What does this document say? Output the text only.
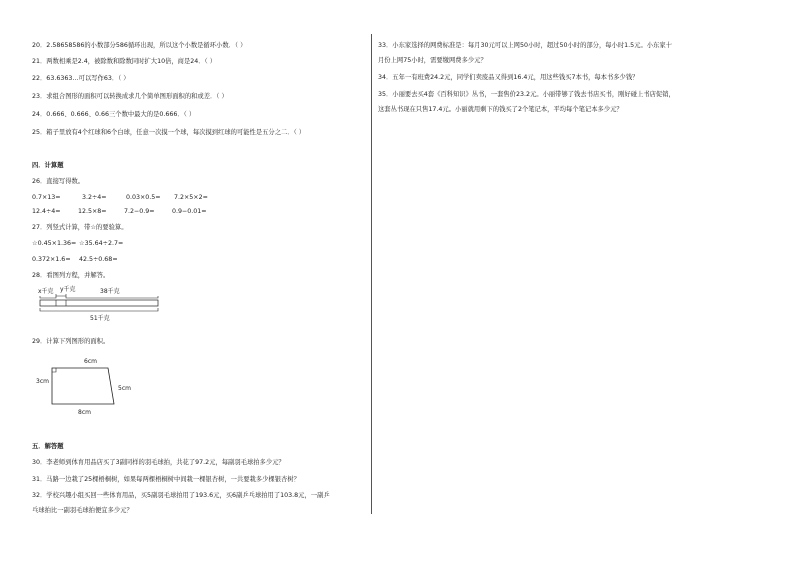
20．2.58658586的小数部分586循环出现，所以这个小数是循环小数．（ ）
21．两数相乘是2.4，被除数和除数同时扩大10倍，商是24．（ ）
22．63.6363…可以写作63．（ ）
23．求组合图形的面积可以转换成求几个简单图形面积的和或差．（ ）
24．0.666、0.666、0.66三个数中最大的是0.666．（ ）
25．箱子里放有4个红球和6个白球，任意一次摸一个球，每次摸到红球的可能性是五分之二．（ ）
四．计算题
26．直接写得数。
0.7×13=	3.2÷4=	0.03×0.5= 7.2×5×2=
12.4÷4=	12.5×8=	7.2−0.9=	0.9−0.01=
27．列竖式计算，带☆的要验算。
☆0.45×1.36= ☆35.64÷2.7=
0.372×1.6= 42.5÷0.68=
28．看图列方程，并解答。
x千克 y千克	38千克
51千克
29．计算下列图形的面积。
6cm
3cm
5cm
8cm
五．解答题
30．李老师到体育用品店买了3副同样的羽毛球拍，共花了97.2元，每副羽毛球拍多少元？
31．马路一边栽了25棵梧桐树，如果每两棵梧桐树中间栽一棵银杏树，一共要栽多少棵银杏树？
32．学校兴趣小组买回一些体育用品，买5副羽毛球拍用了193.6元，买6副乒乓球拍用了103.8元，一副乒
乓球拍比一副羽毛球拍便宜多少元？
33．小东家选择的网费标准是：每月30元可以上网50小时，超过50小时的部分，每小时1.5元。小东家十
月份上网75小时，需要缴网费多少元？
34．五年一有班费24.2元，同学们卖废品又得到16.4元，用这些钱买7本书，每本书多少钱？
35．小丽要去买4套《百科知识》丛书，一套售价23.2元。小丽带够了钱去书店买书，刚好碰上书店促销，
这套丛书现在只售17.4元。小丽就用剩下的钱买了2个笔记本，平均每个笔记本多少元？
